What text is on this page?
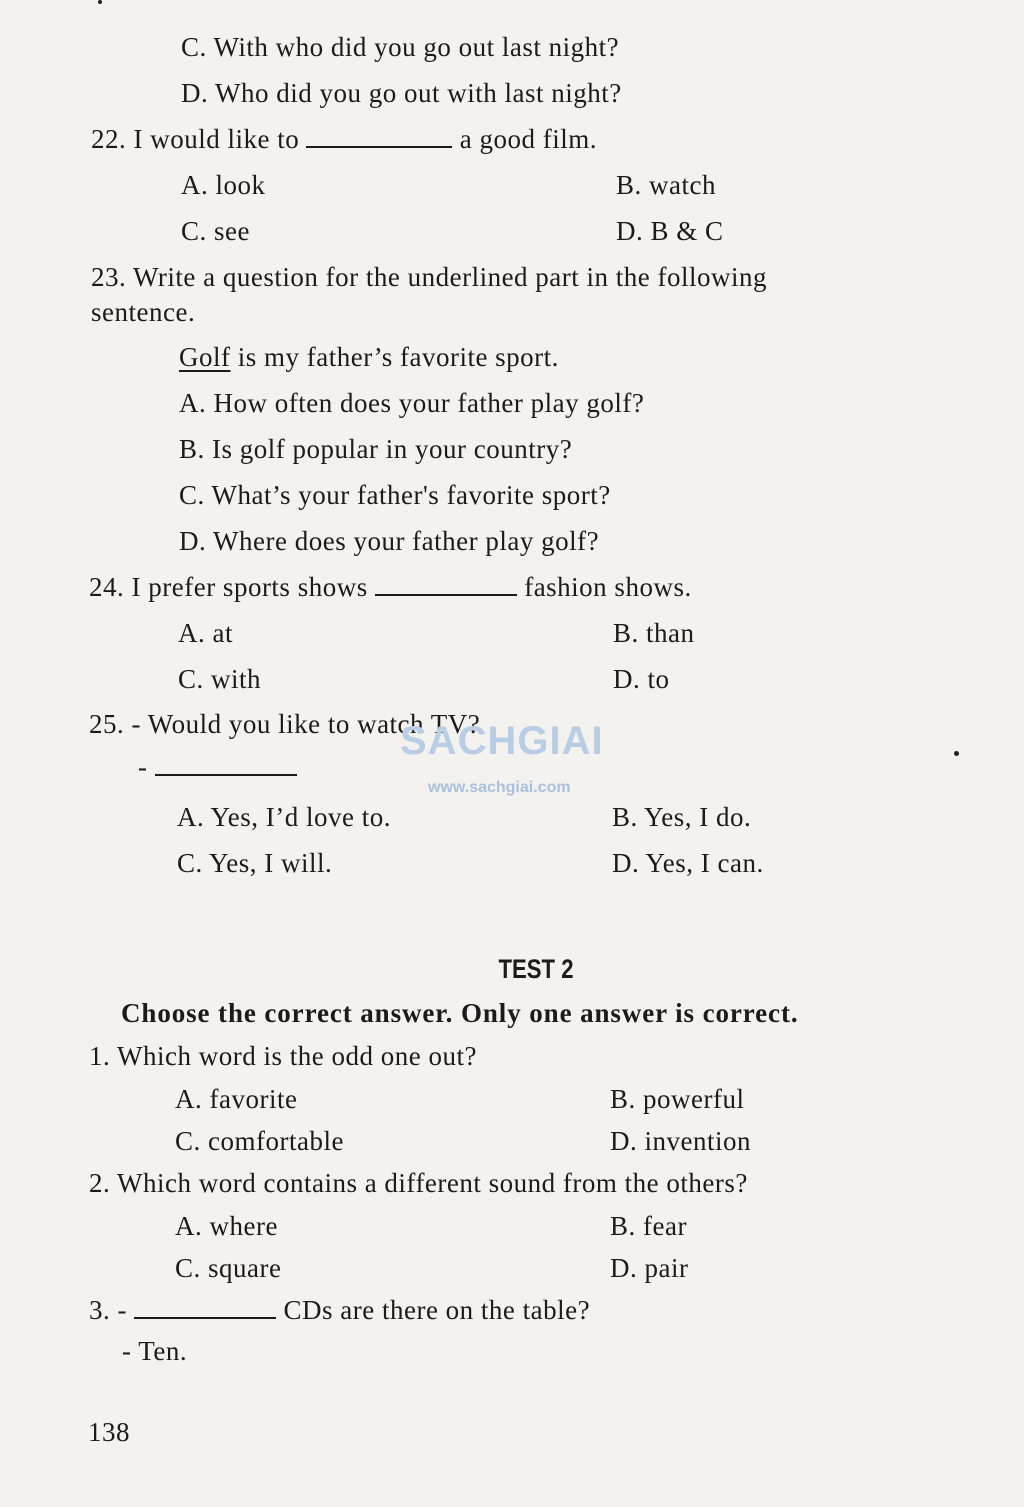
C. With who did you go out last night?
D. Who did you go out with last night?
22. I would like to	a good film.
A. look	B. watch
C. see	D. B & C
23. Write a question for the underlined part in the following
sentence.
Golf is my father’s favorite sport.
A. How often does your father play golf?
B. Is golf popular in your country?
C. What’s your father's favorite sport?
D. Where does your father play golf?
24. I prefer sports shows	fashion shows.
A. at	B. than
C. with	D. to
25. - Would you like to watch TV?
-
A. Yes, I’d love to.	B. Yes, I do.
C. Yes, I will.	D. Yes, I can.
SACHGIAI
www.sachgiai.com
TEST 2
Choose the correct answer. Only one answer is correct.
1. Which word is the odd one out?
A. favorite	B. powerful
C. comfortable	D. invention
2. Which word contains a different sound from the others?
A. where	B. fear
C. square	D. pair
3. -	CDs are there on the table?
- Ten.
138
